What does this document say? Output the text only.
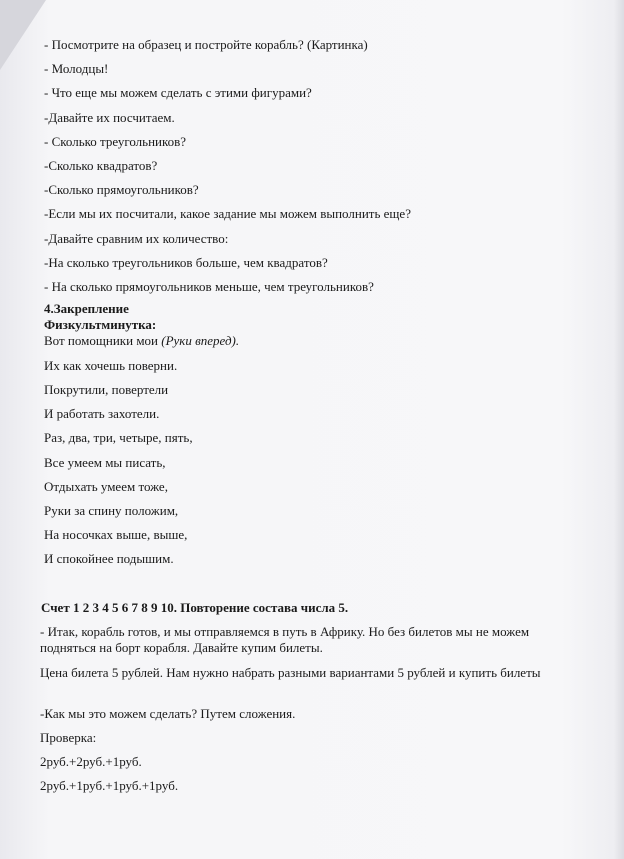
- Посмотрите на образец и постройте корабль? (Картинка)
- Молодцы!
- Что еще мы можем сделать с этими фигурами?
-Давайте их посчитаем.
- Сколько треугольников?
-Сколько квадратов?
-Сколько прямоугольников?
-Если мы их посчитали, какое задание мы можем выполнить еще?
-Давайте сравним их количество:
-На сколько треугольников больше, чем квадратов?
- На сколько прямоугольников меньше, чем треугольников?
4.Закрепление
Физкультминутка:
Вот помощники мои (Руки вперед).
Их как хочешь поверни.
Покрутили, повертели
И работать захотели.
Раз, два, три, четыре, пять,
Все умеем мы писать,
Отдыхать умеем тоже,
Руки за спину положим,
На носочках выше, выше,
И спокойнее подышим.
Счет 1 2 3 4 5 6 7 8 9 10. Повторение состава числа 5.
- Итак, корабль готов, и мы отправляемся в путь в Африку. Но без билетов мы не можем подняться на борт корабля. Давайте купим билеты.
Цена билета 5 рублей. Нам нужно набрать разными вариантами 5 рублей и купить билеты
-Как мы это можем сделать? Путем сложения.
Проверка:
2руб.+2руб.+1руб.
2руб.+1руб.+1руб.+1руб.
